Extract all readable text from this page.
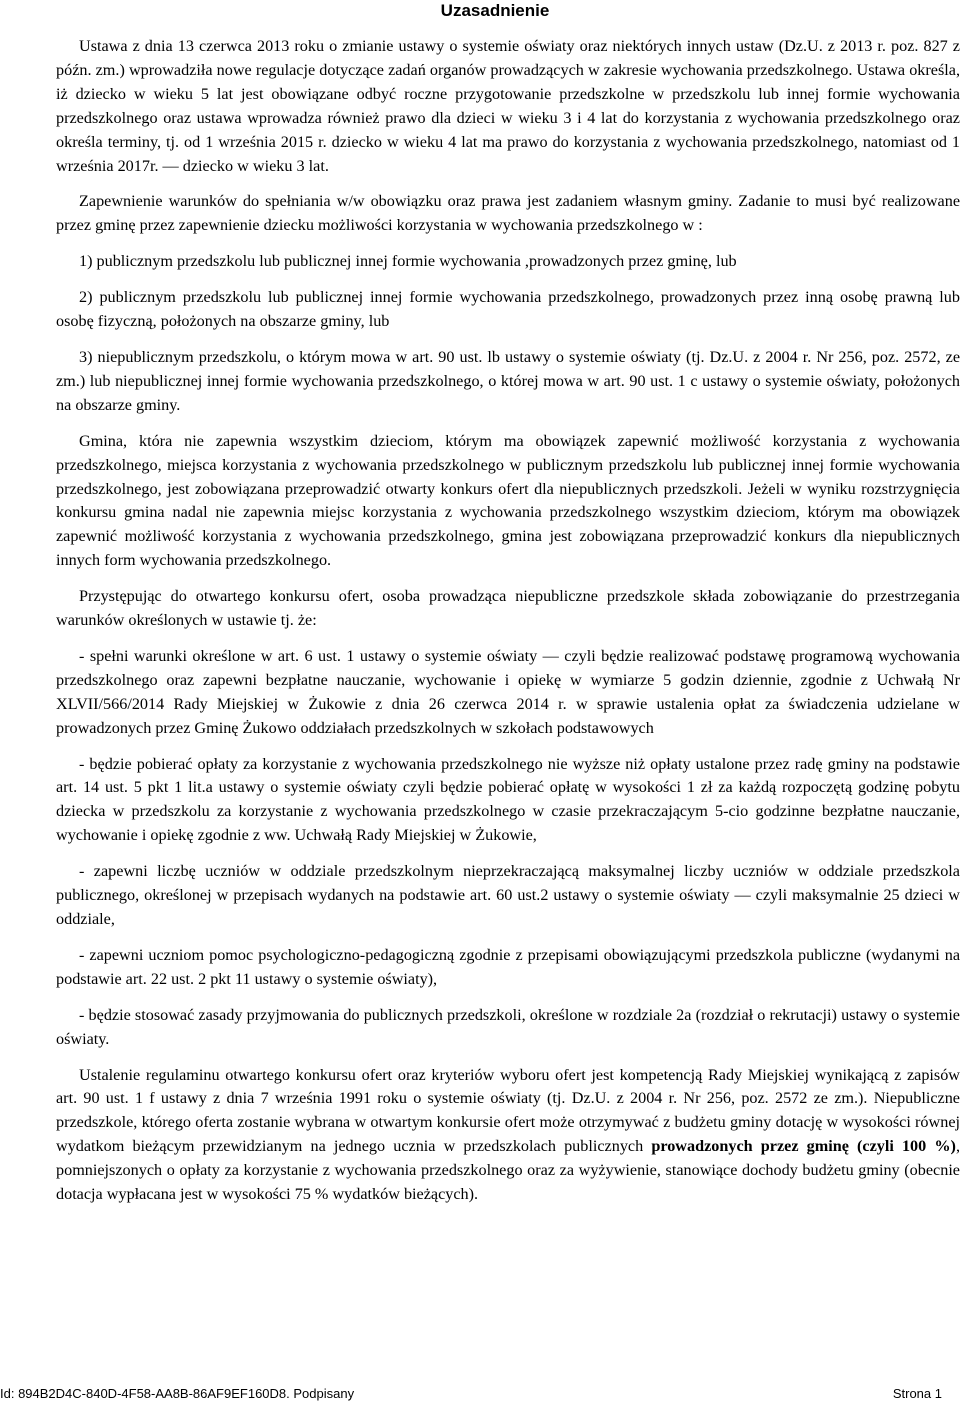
Uzasadnienie

Ustawa z dnia 13 czerwca 2013 roku o zmianie ustawy o systemie oświaty oraz niektórych innych ustaw (Dz.U. z 2013 r. poz. 827 z późn. zm.) wprowadziła nowe regulacje dotyczące zadań organów prowadzących w zakresie wychowania przedszkolnego. Ustawa określa, iż dziecko w wieku 5 lat jest obowiązane odbyć roczne przygotowanie przedszkolne w przedszkolu lub innej formie wychowania przedszkolnego oraz ustawa wprowadza również prawo dla dzieci w wieku 3 i 4 lat do korzystania z wychowania przedszkolnego oraz określa terminy, tj. od 1 września 2015 r. dziecko w wieku 4 lat ma prawo do korzystania z wychowania przedszkolnego, natomiast od 1 września 2017r. — dziecko w wieku 3 lat.

Zapewnienie warunków do spełniania w/w obowiązku oraz prawa jest zadaniem własnym gminy. Zadanie to musi być realizowane przez gminę przez zapewnienie dziecku możliwości korzystania w wychowania przedszkolnego w :

1) publicznym przedszkolu lub publicznej innej formie wychowania ,prowadzonych przez gminę, lub

2) publicznym przedszkolu lub publicznej innej formie wychowania przedszkolnego, prowadzonych przez inną osobę prawną lub osobę fizyczną, położonych na obszarze gminy, lub

3) niepublicznym przedszkolu, o którym mowa w art. 90 ust. lb ustawy o systemie oświaty (tj. Dz.U. z 2004 r. Nr 256, poz. 2572, ze zm.) lub niepublicznej innej formie wychowania przedszkolnego, o której mowa w art. 90 ust. 1 c ustawy o systemie oświaty, położonych na obszarze gminy.

Gmina, która nie zapewnia wszystkim dzieciom, którym ma obowiązek zapewnić możliwość korzystania z wychowania przedszkolnego, miejsca korzystania z wychowania przedszkolnego w publicznym przedszkolu lub publicznej innej formie wychowania przedszkolnego, jest zobowiązana przeprowadzić otwarty konkurs ofert dla niepublicznych przedszkoli. Jeżeli w wyniku rozstrzygnięcia konkursu gmina nadal nie zapewnia miejsc korzystania z wychowania przedszkolnego wszystkim dzieciom, którym ma obowiązek zapewnić możliwość korzystania z wychowania przedszkolnego, gmina jest zobowiązana przeprowadzić konkurs dla niepublicznych innych form wychowania przedszkolnego.

Przystępując do otwartego konkursu ofert, osoba prowadząca niepubliczne przedszkole składa zobowiązanie do przestrzegania warunków określonych w ustawie tj. że:

- spełni warunki określone w art. 6 ust. 1 ustawy o systemie oświaty — czyli będzie realizować podstawę programową wychowania przedszkolnego oraz zapewni bezpłatne nauczanie, wychowanie i opiekę w wymiarze 5 godzin dziennie, zgodnie z Uchwałą Nr XLVII/566/2014 Rady Miejskiej w Żukowie z dnia 26 czerwca 2014 r. w sprawie ustalenia opłat za świadczenia udzielane w prowadzonych przez Gminę Żukowo oddziałach przedszkolnych w szkołach podstawowych

- będzie pobierać opłaty za korzystanie z wychowania przedszkolnego nie wyższe niż opłaty ustalone przez radę gminy na podstawie art. 14 ust. 5 pkt 1 lit.a ustawy o systemie oświaty czyli będzie pobierać opłatę w wysokości 1 zł za każdą rozpoczętą godzinę pobytu dziecka w przedszkolu za korzystanie z wychowania przedszkolnego w czasie przekraczającym 5-cio godzinne bezpłatne nauczanie, wychowanie i opiekę zgodnie z ww. Uchwałą Rady Miejskiej w Żukowie,

- zapewni liczbę uczniów w oddziale przedszkolnym nieprzekraczającą maksymalnej liczby uczniów w oddziale przedszkola publicznego, określonej w przepisach wydanych na podstawie art. 60 ust.2 ustawy o systemie oświaty — czyli maksymalnie 25 dzieci w oddziale,

- zapewni uczniom pomoc psychologiczno-pedagogiczną zgodnie z przepisami obowiązującymi przedszkola publiczne (wydanymi na podstawie art. 22 ust. 2 pkt 11 ustawy o systemie oświaty),

- będzie stosować zasady przyjmowania do publicznych przedszkoli, określone w rozdziale 2a (rozdział o rekrutacji) ustawy o systemie oświaty.

Ustalenie regulaminu otwartego konkursu ofert oraz kryteriów wyboru ofert jest kompetencją Rady Miejskiej wynikającą z zapisów art. 90 ust. 1 f ustawy z dnia 7 września 1991 roku o systemie oświaty (tj. Dz.U. z 2004 r. Nr 256, poz. 2572 ze zm.). Niepubliczne przedszkole, którego oferta zostanie wybrana w otwartym konkursie ofert może otrzymywać z budżetu gminy dotację w wysokości równej wydatkom bieżącym przewidzianym na jednego ucznia w przedszkolach publicznych prowadzonych przez gminę (czyli 100 %), pomniejszonych o opłaty za korzystanie z wychowania przedszkolnego oraz za wyżywienie, stanowiące dochody budżetu gminy (obecnie dotacja wypłacana jest w wysokości 75 % wydatków bieżących).

Id: 894B2D4C-840D-4F58-AA8B-86AF9EF160D8. Podpisany	Strona 1
